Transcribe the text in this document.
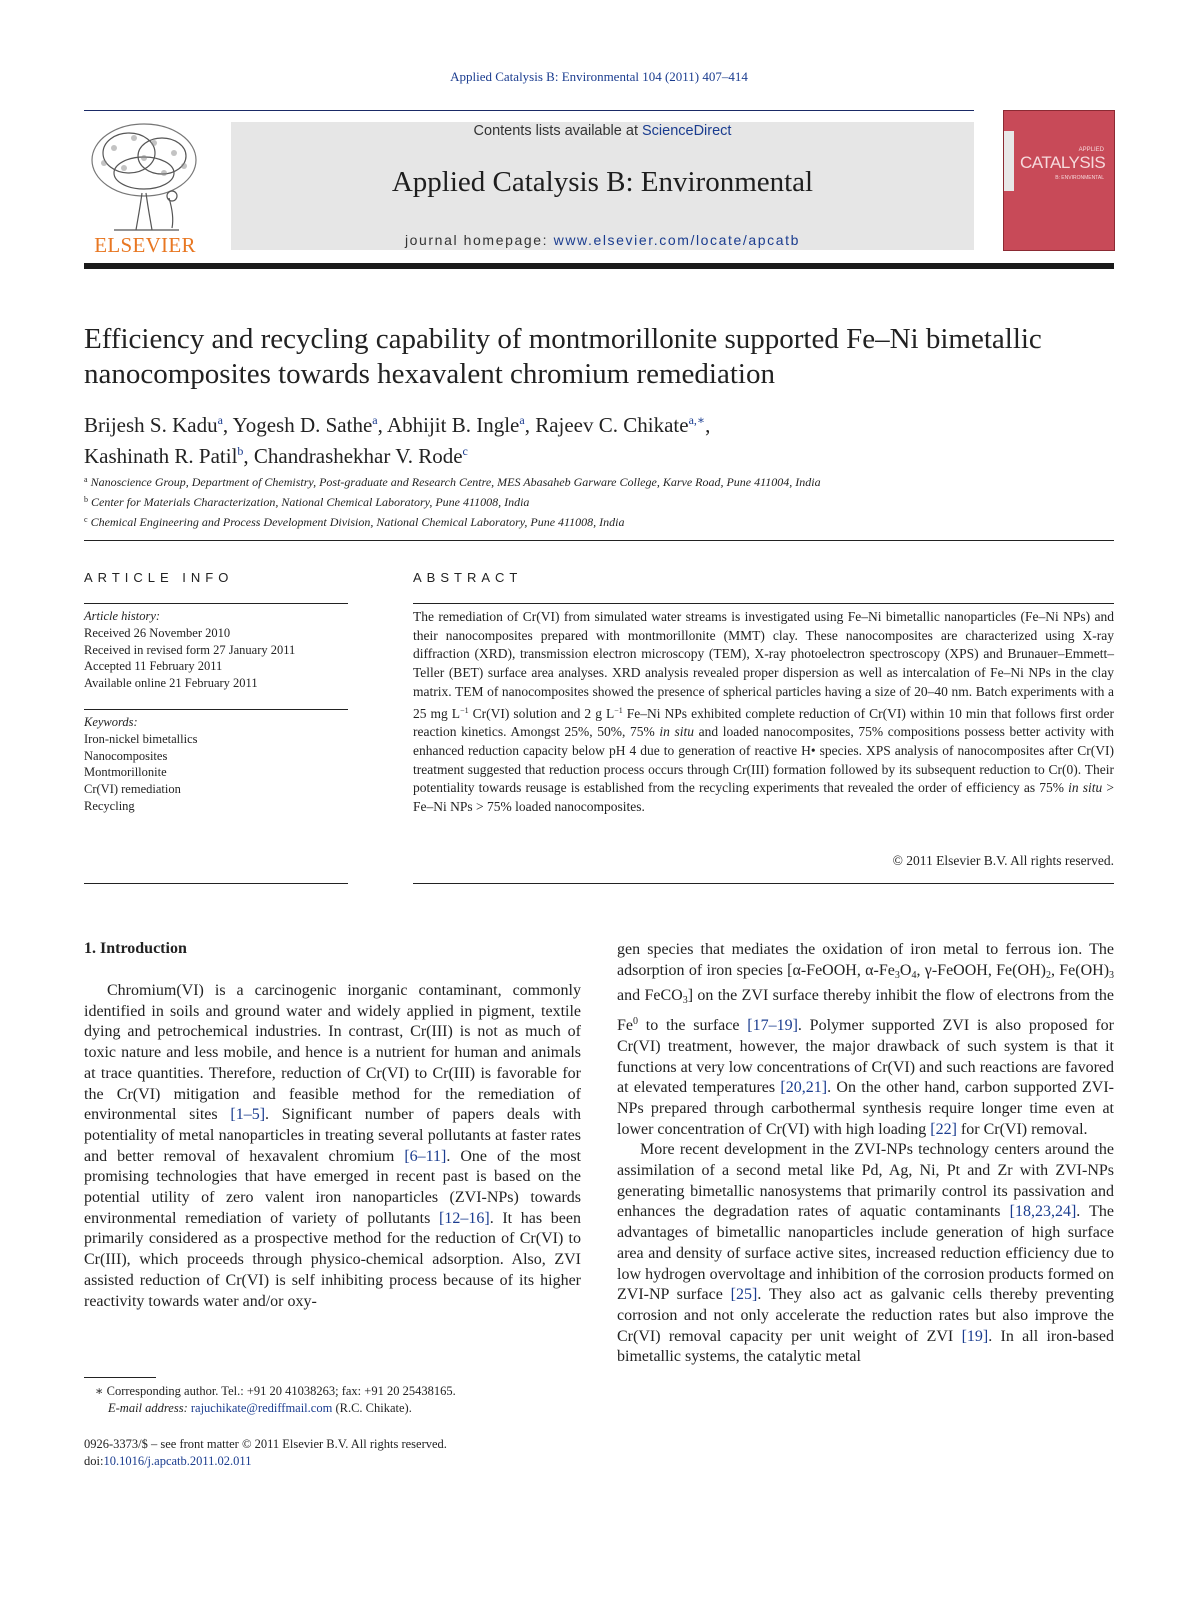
Applied Catalysis B: Environmental 104 (2011) 407–414
ELSEVIER
Contents lists available at ScienceDirect
Applied Catalysis B: Environmental
journal homepage: www.elsevier.com/locate/apcatb
APPLIED
CATALYSIS
B: ENVIRONMENTAL
Efficiency and recycling capability of montmorillonite supported Fe–Ni bimetallic
nanocomposites towards hexavalent chromium remediation
Brijesh S. Kadu$^a$, Yogesh D. Sathe$^a$, Abhijit B. Ingle$^a$, Rajeev C. Chikate$^{a,∗}$,
Kashinath R. Patil$^b$, Chandrashekhar V. Rode$^c$
$^a$ Nanoscience Group, Department of Chemistry, Post-graduate and Research Centre, MES Abasaheb Garware College, Karve Road, Pune 411004, India
$^b$ Center for Materials Characterization, National Chemical Laboratory, Pune 411008, India
$^c$ Chemical Engineering and Process Development Division, National Chemical Laboratory, Pune 411008, India
ARTICLE INFO
Article history:
Received 26 November 2010
Received in revised form 27 January 2011
Accepted 11 February 2011
Available online 21 February 2011
Keywords:
Iron-nickel bimetallics
Nanocomposites
Montmorillonite
Cr(VI) remediation
Recycling
ABSTRACT
The remediation of Cr(VI) from simulated water streams is investigated using Fe–Ni bimetallic nanoparticles (Fe–Ni NPs) and their nanocomposites prepared with montmorillonite (MMT) clay. These nanocomposites are characterized using X-ray diffraction (XRD), transmission electron microscopy (TEM), X-ray photoelectron spectroscopy (XPS) and Brunauer–Emmett–Teller (BET) surface area analyses. XRD analysis revealed proper dispersion as well as intercalation of Fe–Ni NPs in the clay matrix. TEM of nanocomposites showed the presence of spherical particles having a size of 20–40 nm. Batch experiments with a 25 mg $L^{-1}$ Cr(VI) solution and 2 g $L^{-1}$ Fe–Ni NPs exhibited complete reduction of Cr(VI) within 10 min that follows first order reaction kinetics. Amongst 25%, 50%, 75% in situ and loaded nanocomposites, 75% compositions possess better activity with enhanced reduction capacity below pH 4 due to generation of reactive H• species. XPS analysis of nanocomposites after Cr(VI) treatment suggested that reduction process occurs through Cr(III) formation followed by its subsequent reduction to Cr(0). Their potentiality towards reusage is established from the recycling experiments that revealed the order of efficiency as 75% in situ > Fe–Ni NPs > 75% loaded nanocomposites.
© 2011 Elsevier B.V. All rights reserved.
1. Introduction

Chromium(VI) is a carcinogenic inorganic contaminant, commonly identified in soils and ground water and widely applied in pigment, textile dying and petrochemical industries. In contrast, Cr(III) is not as much of toxic nature and less mobile, and hence is a nutrient for human and animals at trace quantities. Therefore, reduction of Cr(VI) to Cr(III) is favorable for the Cr(VI) mitigation and feasible method for the remediation of environmental sites [1–5]. Significant number of papers deals with potentiality of metal nanoparticles in treating several pollutants at faster rates and better removal of hexavalent chromium [6–11]. One of the most promising technologies that have emerged in recent past is based on the potential utility of zero valent iron nanoparticles (ZVI-NPs) towards environmental remediation of variety of pollutants [12–16]. It has been primarily considered as a prospective method for the reduction of Cr(VI) to Cr(III), which proceeds through physico-chemical adsorption. Also, ZVI assisted reduction of Cr(VI) is self inhibiting process because of its higher reactivity towards water and/or oxy-

gen species that mediates the oxidation of iron metal to ferrous ion. The adsorption of iron species [α-FeOOH, $\alpha-Fe_3O_4$, γ-FeOOH, $Fe(OH)_2$, $Fe(OH)_3$ and FeCO$_3$] on the ZVI surface thereby inhibit the flow of electrons from the Fe$^0$ to the surface [17–19]. Polymer supported ZVI is also proposed for Cr(VI) treatment, however, the major drawback of such system is that it functions at very low concentrations of Cr(VI) and such reactions are favored at elevated temperatures [20,21]. On the other hand, carbon supported ZVI-NPs prepared through carbothermal synthesis require longer time even at lower concentration of Cr(VI) with high loading [22] for Cr(VI) removal.

More recent development in the ZVI-NPs technology centers around the assimilation of a second metal like Pd, Ag, Ni, Pt and Zr with ZVI-NPs generating bimetallic nanosystems that primarily control its passivation and enhances the degradation rates of aquatic contaminants [18,23,24]. The advantages of bimetallic nanoparticles include generation of high surface area and density of surface active sites, increased reduction efficiency due to low hydrogen overvoltage and inhibition of the corrosion products formed on ZVI-NP surface [25]. They also act as galvanic cells thereby preventing corrosion and not only accelerate the reduction rates but also improve the Cr(VI) removal capacity per unit weight of ZVI [19]. In all iron-based bimetallic systems, the catalytic metal

∗ Corresponding author. Tel.: +91 20 41038263; fax: +91 20 25438165.
E-mail address: rajuchikate@rediffmail.com (R.C. Chikate).
0926-3373/$ – see front matter © 2011 Elsevier B.V. All rights reserved.
doi:10.1016/j.apcatb.2011.02.011
